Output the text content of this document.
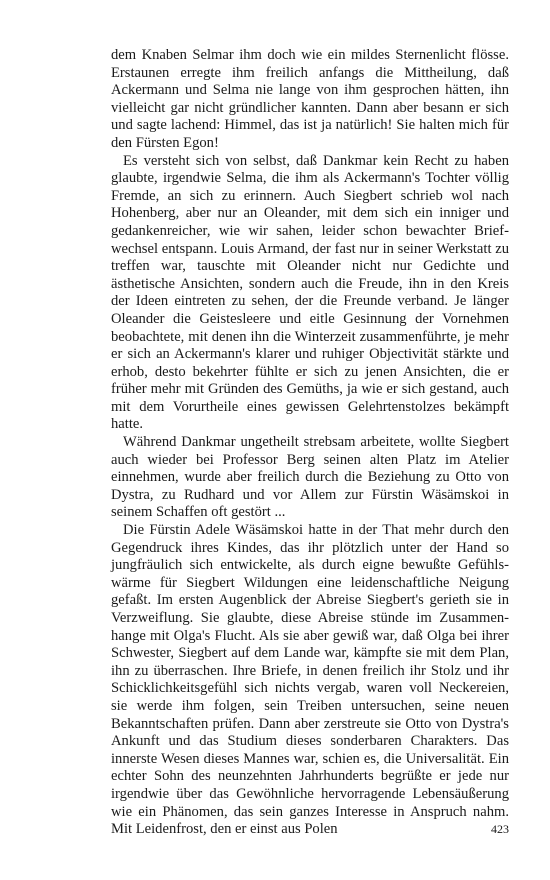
dem Knaben Selmar ihm doch wie ein mildes Sternenlicht flösse. Erstaunen erregte ihm freilich anfangs die Mittheilung, daß Ackermann und Selma nie lange von ihm gesprochen hätten, ihn vielleicht gar nicht gründlicher kannten. Dann aber besann er sich und sagte lachend: Himmel, das ist ja natürlich! Sie halten mich für den Fürsten Egon!

Es versteht sich von selbst, daß Dankmar kein Recht zu haben glaubte, irgendwie Selma, die ihm als Ackermann's Tochter völlig Fremde, an sich zu erinnern. Auch Siegbert schrieb wol nach Hohenberg, aber nur an Oleander, mit dem sich ein inniger und gedankenreicher, wie wir sahen, leider schon bewachter Briefwechsel entspann. Louis Armand, der fast nur in seiner Werkstatt zu treffen war, tauschte mit Oleander nicht nur Gedichte und ästhetische Ansichten, sondern auch die Freude, ihn in den Kreis der Ideen eintreten zu sehen, der die Freunde verband. Je länger Oleander die Geistesleere und eitle Gesinnung der Vornehmen beobachtete, mit denen ihn die Winterzeit zusammenführte, je mehr er sich an Ackermann's klarer und ruhiger Objectivität stärkte und erhob, desto bekehrter fühlte er sich zu jenen Ansichten, die er früher mehr mit Gründen des Gemüths, ja wie er sich gestand, auch mit dem Vorurtheile eines gewissen Gelehrtenstolzes bekämpft hatte.

Während Dankmar ungetheilt strebsam arbeitete, wollte Siegbert auch wieder bei Professor Berg seinen alten Platz im Atelier einnehmen, wurde aber freilich durch die Beziehung zu Otto von Dystra, zu Rudhard und vor Allem zur Fürstin Wäsämskoi in seinem Schaffen oft gestört ...

Die Fürstin Adele Wäsämskoi hatte in der That mehr durch den Gegendruck ihres Kindes, das ihr plötzlich unter der Hand so jungfräulich sich entwickelte, als durch eigne bewußte Gefühlswärme für Siegbert Wildungen eine leidenschaftliche Neigung gefaßt. Im ersten Augenblick der Abreise Siegbert's gerieth sie in Verzweiflung. Sie glaubte, diese Abreise stünde im Zusammenhange mit Olga's Flucht. Als sie aber gewiß war, daß Olga bei ihrer Schwester, Siegbert auf dem Lande war, kämpfte sie mit dem Plan, ihn zu überraschen. Ihre Briefe, in denen freilich ihr Stolz und ihr Schicklichkeitsgefühl sich nichts vergab, waren voll Neckereien, sie werde ihm folgen, sein Treiben untersuchen, seine neuen Bekanntschaften prüfen. Dann aber zerstreute sie Otto von Dystra's Ankunft und das Studium dieses sonderbaren Charakters. Das innerste Wesen dieses Mannes war, schien es, die Universalität. Ein echter Sohn des neunzehnten Jahrhunderts begrüßte er jede nur irgendwie über das Gewöhnliche hervorragende Lebensäußerung wie ein Phänomen, das sein ganzes Interesse in Anspruch nahm. Mit Leidenfrost, den er einst aus Polen	423
